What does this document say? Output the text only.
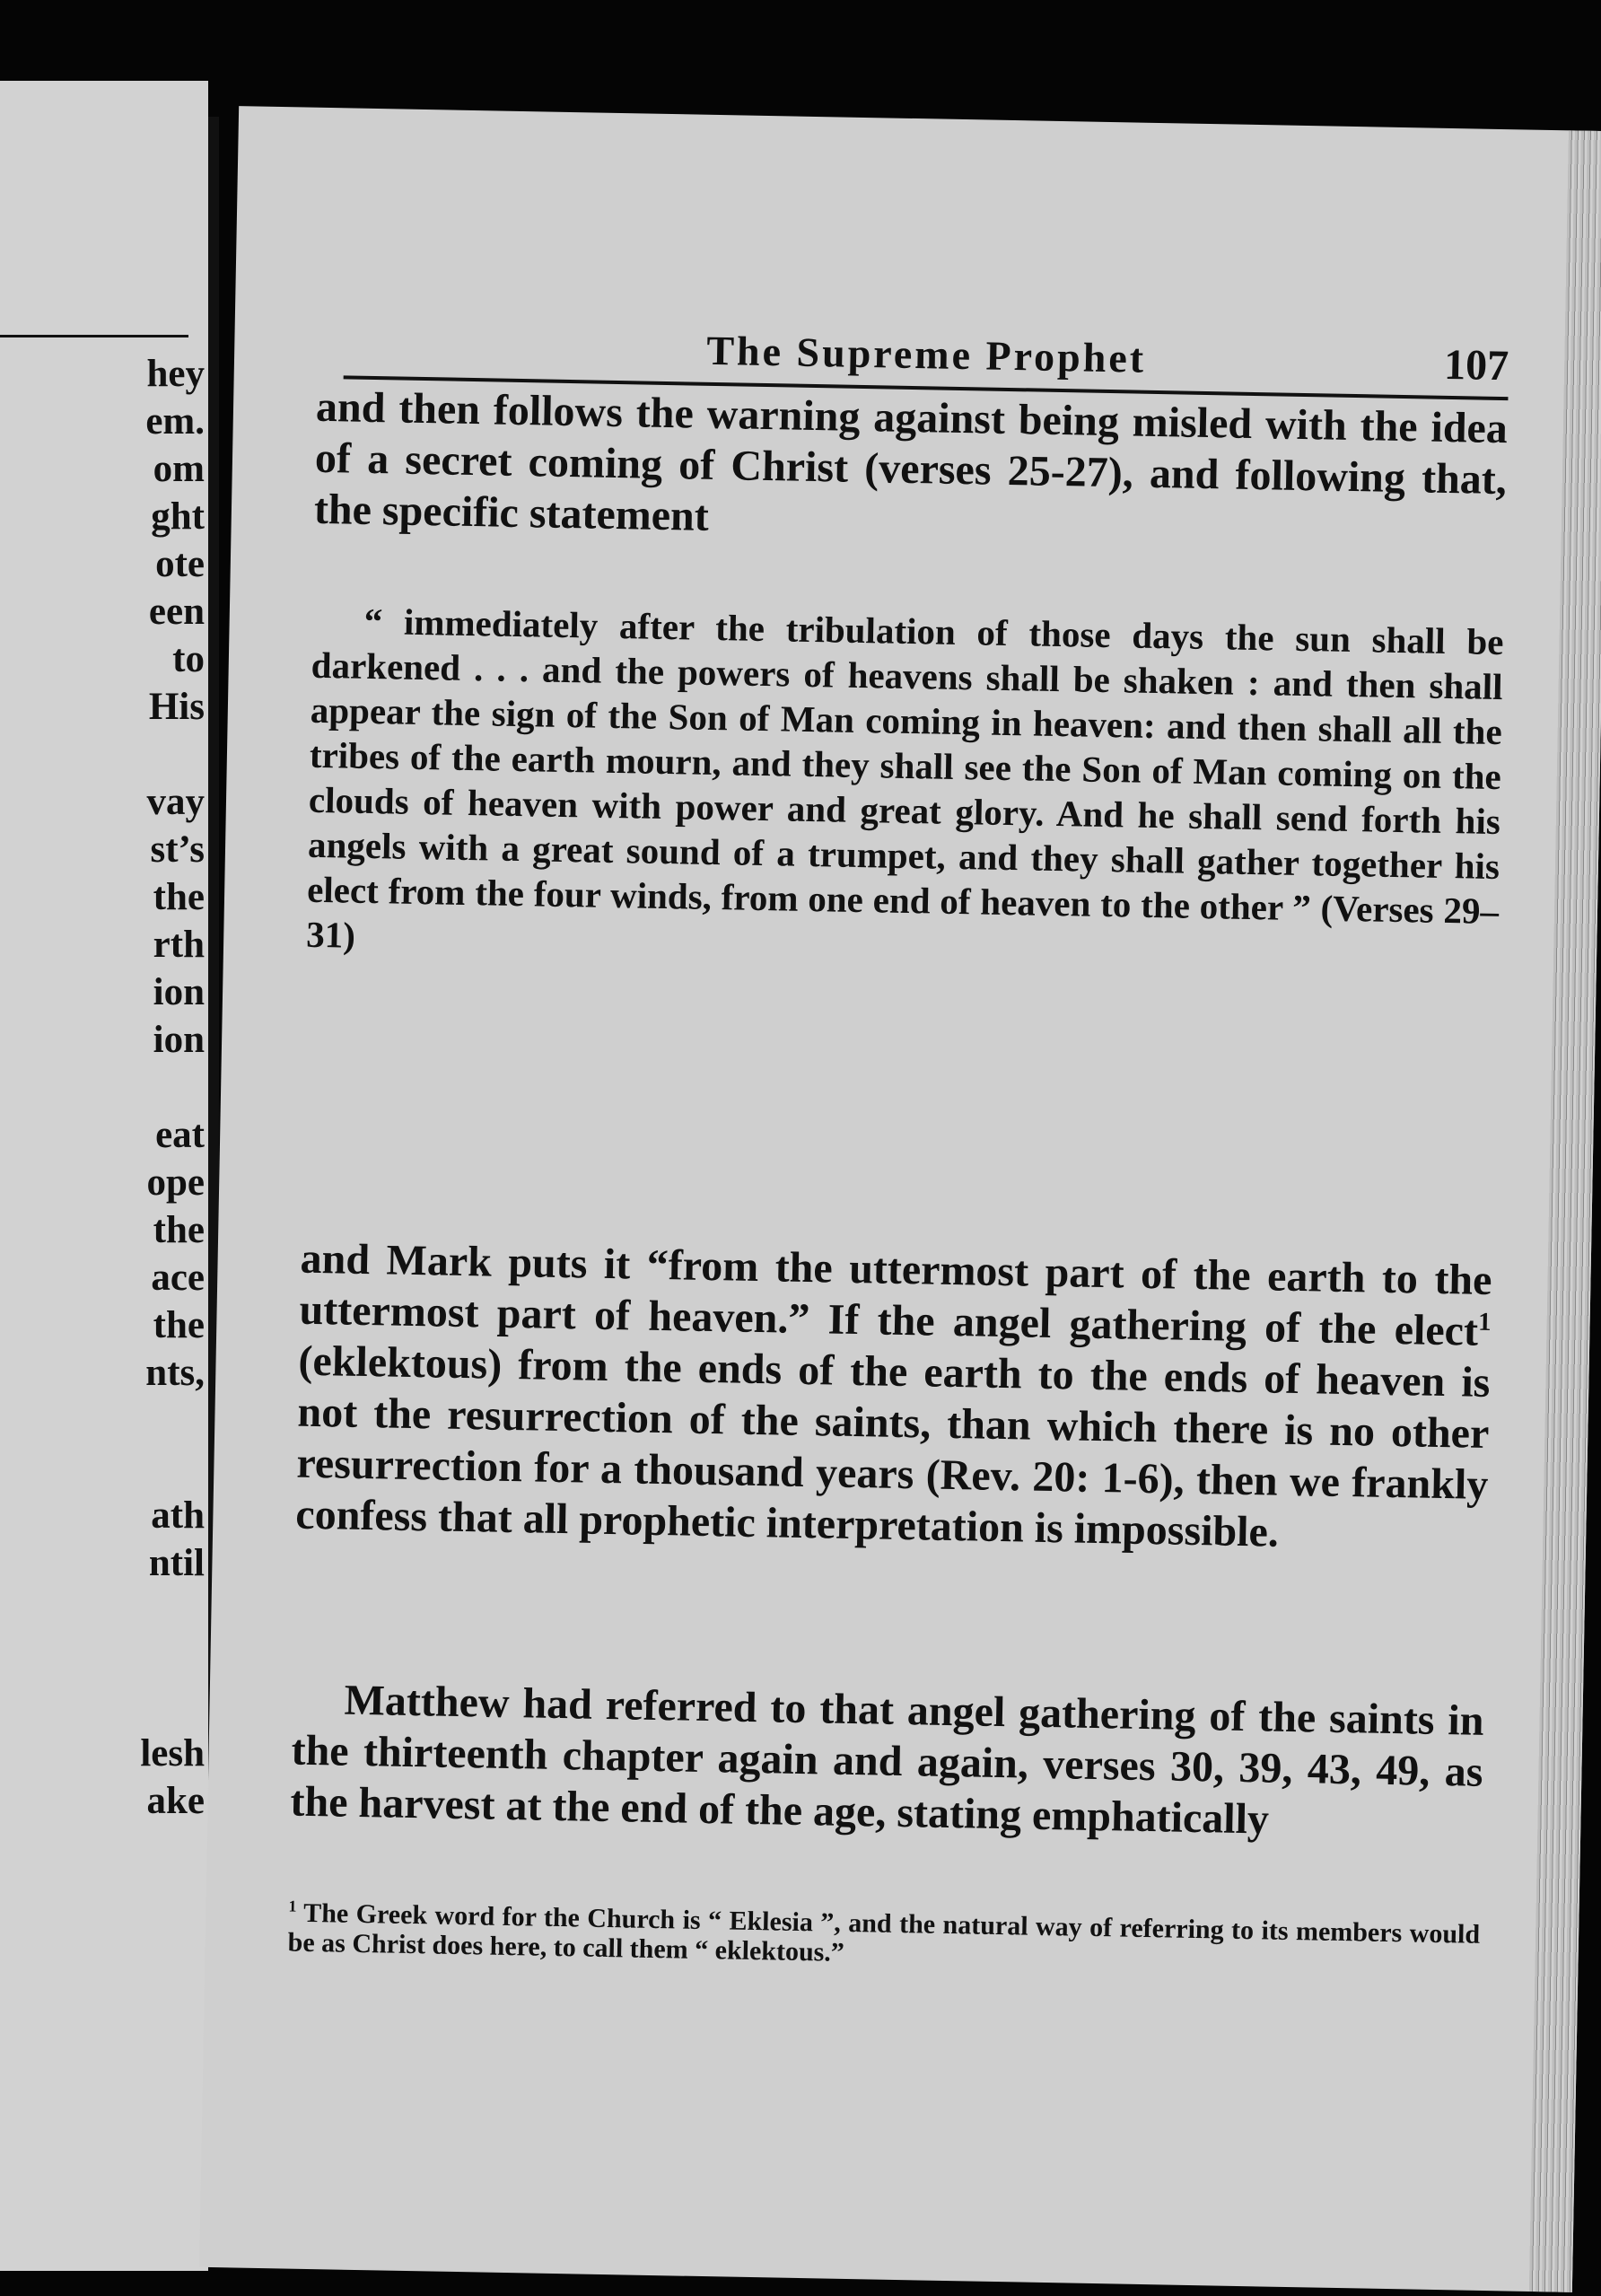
hey
em.
om
ght
ote
een
to
His
vay
st’s
the
rth
ion
ion
eat
ope
the
ace
the
nts,
ath
ntil
lesh
ake
The Supreme Prophet	107

and then follows the warning against being misled with the idea of a secret coming of Christ (verses 25-27), and following that, the specific statement

“ immediately after the tribulation of those days the sun shall be darkened . . . and the powers of heavens shall be shaken : and then shall appear the sign of the Son of Man coming in heaven: and then shall all the tribes of the earth mourn, and they shall see the Son of Man coming on the clouds of heaven with power and great glory. And he shall send forth his angels with a great sound of a trumpet, and they shall gather together his elect from the four winds, from one end of heaven to the other ” (Verses 29–31)

and Mark puts it “from the uttermost part of the earth to the uttermost part of heaven.” If the angel gathering of the elect$^1$ (eklektous) from the ends of the earth to the ends of heaven is not the resurrection of the saints, than which there is no other resurrection for a thousand years (Rev. 20: 1-6), then we frankly confess that all prophetic interpretation is impossible.

Matthew had referred to that angel gathering of the saints in the thirteenth chapter again and again, verses 30, 39, 43, 49, as the harvest at the end of the age, stating emphatically

$^1$ The Greek word for the Church is “ Eklesia ”, and the natural way of referring to its members would be as Christ does here, to call them “ eklektous.”
